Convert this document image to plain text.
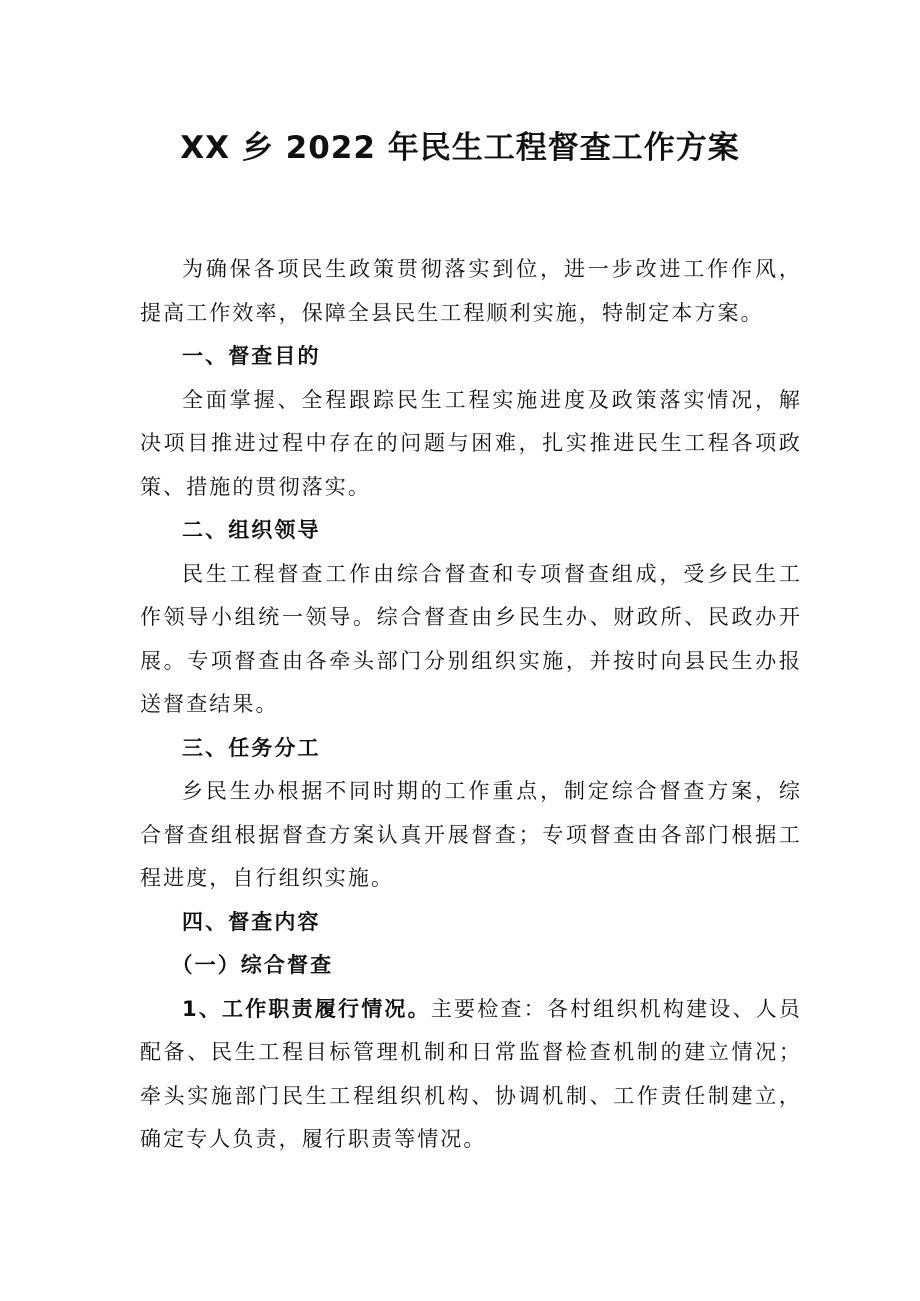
XX 乡 2022 年民生工程督查工作方案

为确保各项民生政策贯彻落实到位，进一步改进工作作风，提高工作效率，保障全县民生工程顺利实施，特制定本方案。

一、督查目的

全面掌握、全程跟踪民生工程实施进度及政策落实情况，解决项目推进过程中存在的问题与困难，扎实推进民生工程各项政策、措施的贯彻落实。

二、组织领导

民生工程督查工作由综合督查和专项督查组成，受乡民生工作领导小组统一领导。综合督查由乡民生办、财政所、民政办开展。专项督查由各牵头部门分别组织实施，并按时向县民生办报送督查结果。

三、任务分工

乡民生办根据不同时期的工作重点，制定综合督查方案，综合督查组根据督查方案认真开展督查；专项督查由各部门根据工程进度，自行组织实施。

四、督查内容
（一）综合督查

1、工作职责履行情况。主要检查：各村组织机构建设、人员配备、民生工程目标管理机制和日常监督检查机制的建立情况；牵头实施部门民生工程组织机构、协调机制、工作责任制建立，确定专人负责，履行职责等情况。
